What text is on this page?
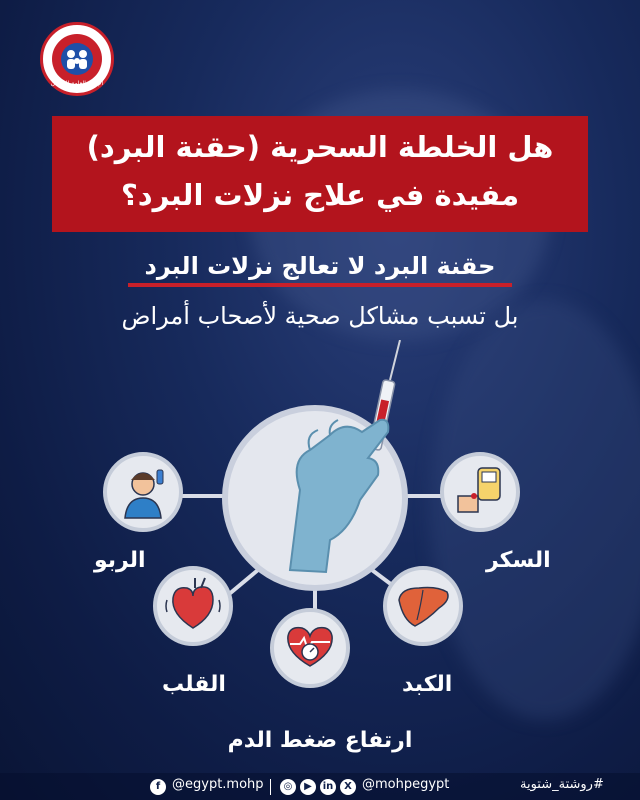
الإدارة العامة للسكان
هل الخلطة السحرية (حقنة البرد)
مفيدة في علاج نزلات البرد؟
حقنة البرد لا تعالج نزلات البرد
بل تسبب مشاكل صحية لأصحاب أمراض
الربو	السكر
القلب	الكبد
ارتفاع ضغط الدم
f @egypt.mohp	◎	▶	in	X @mohpegypt	#روشتة_شتوية
